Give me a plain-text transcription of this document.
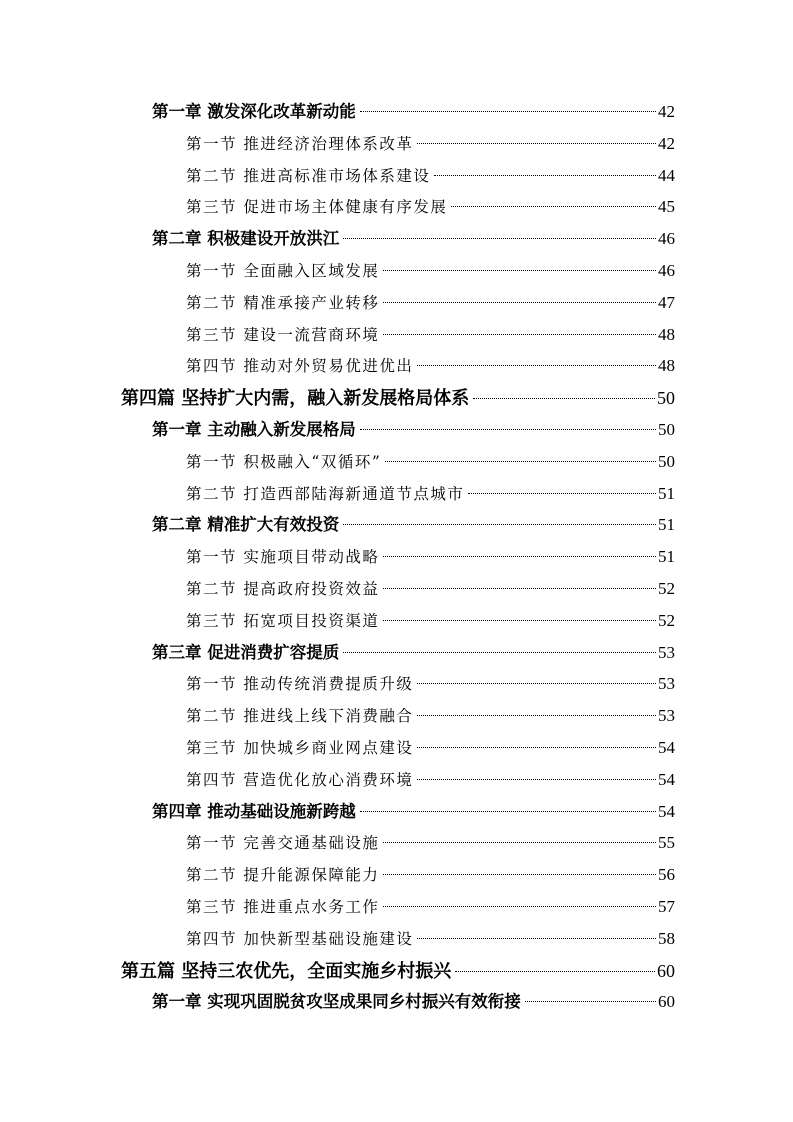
第一章 激发深化改革新动能	42
第一节 推进经济治理体系改革	42
第二节 推进高标准市场体系建设	44
第三节 促进市场主体健康有序发展	45
第二章 积极建设开放洪江	46
第一节 全面融入区域发展	46
第二节 精准承接产业转移	47
第三节 建设一流营商环境	48
第四节 推动对外贸易优进优出	48
第四篇 坚持扩大内需，融入新发展格局体系	50
第一章 主动融入新发展格局	50
第一节 积极融入“双循环”	50
第二节 打造西部陆海新通道节点城市	51
第二章 精准扩大有效投资	51
第一节 实施项目带动战略	51
第二节 提高政府投资效益	52
第三节 拓宽项目投资渠道	52
第三章 促进消费扩容提质	53
第一节 推动传统消费提质升级	53
第二节 推进线上线下消费融合	53
第三节 加快城乡商业网点建设	54
第四节 营造优化放心消费环境	54
第四章 推动基础设施新跨越	54
第一节 完善交通基础设施	55
第二节 提升能源保障能力	56
第三节 推进重点水务工作	57
第四节 加快新型基础设施建设	58
第五篇 坚持三农优先，全面实施乡村振兴	60
第一章 实现巩固脱贫攻坚成果同乡村振兴有效衔接	60
